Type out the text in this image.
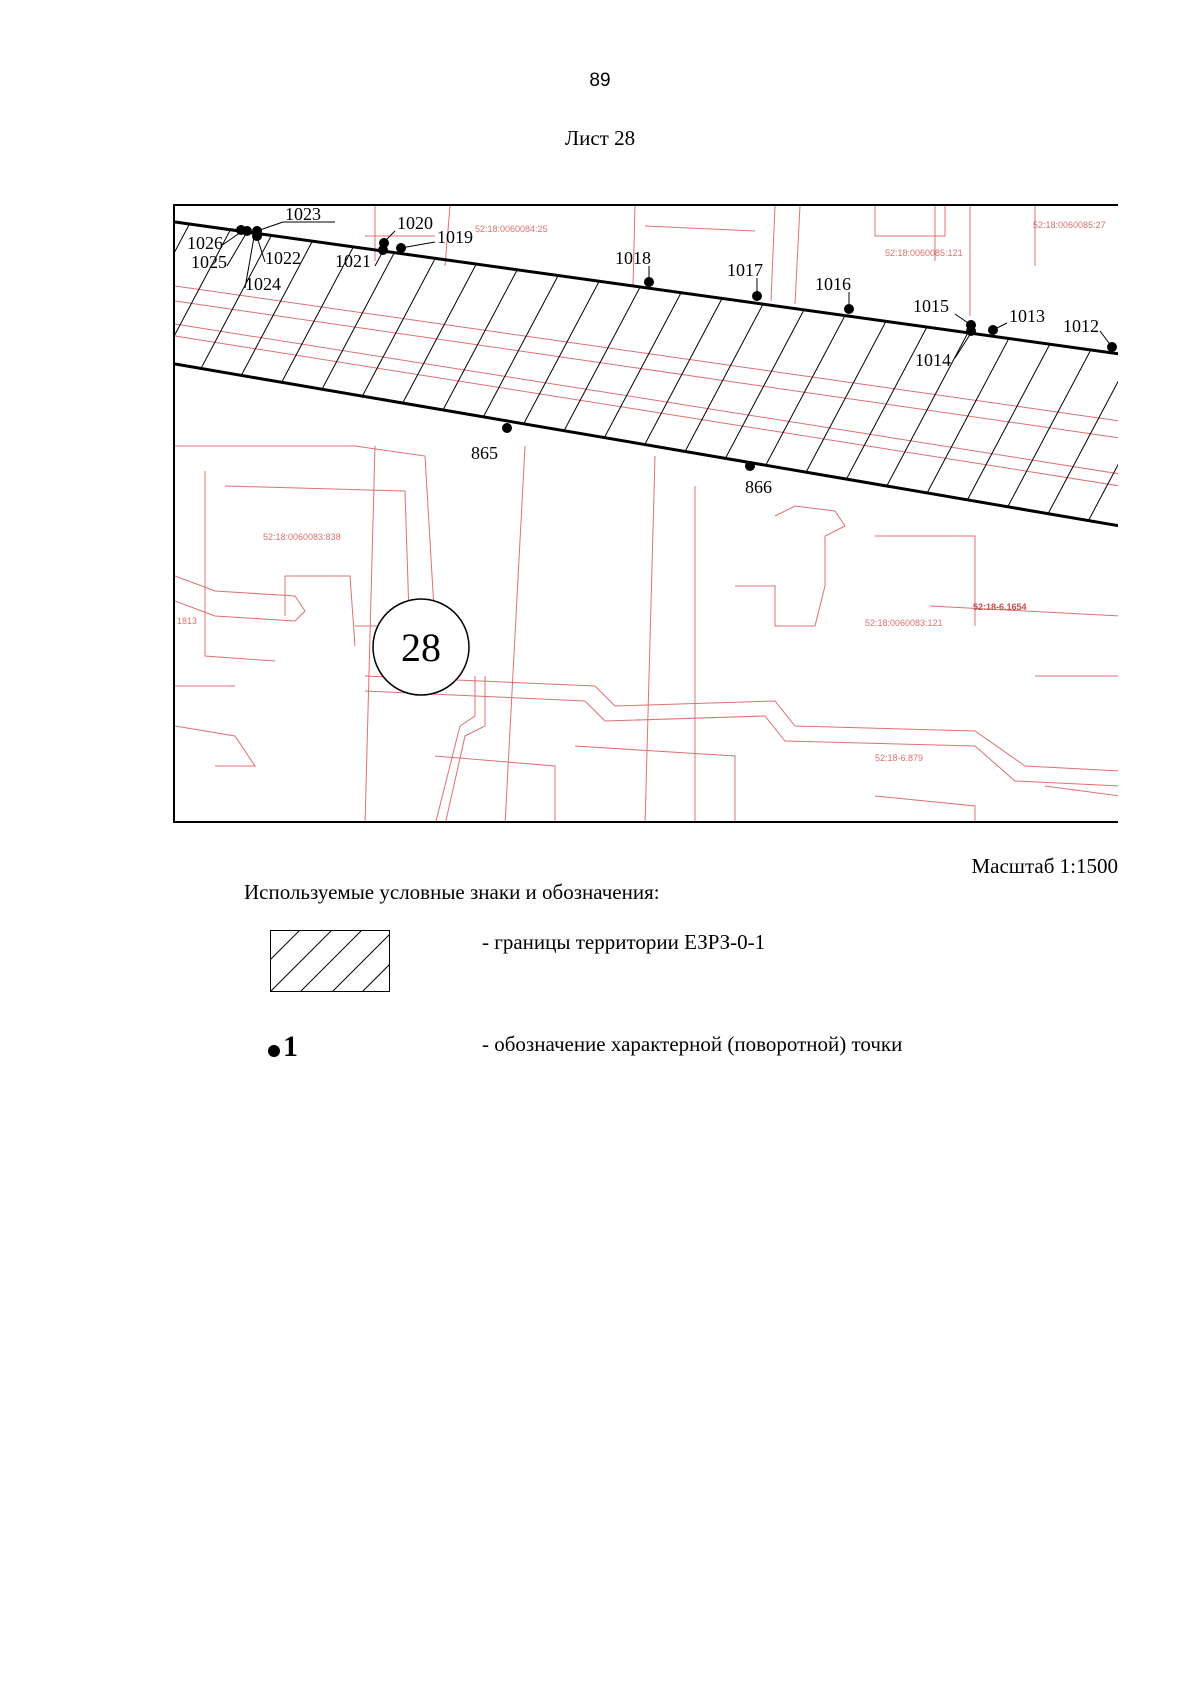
89
Лист 28
52:18:0060084:25	52:18:0060085:27
52:18:0060085:121
52:18:0060083:838
52:18:0060083:121
52:18-6.1654
52:18-6.879
1813
1026
1025
1023
1022
1024
1021
1020
1019
1018
1017
1016
1015
1014
1013 1012
865
866
28
Масштаб 1:1500
Используемые условные знаки и обозначения:
- границы территории ЕЗРЗ-0-1
1	- обозначение характерной (поворотной) точки
